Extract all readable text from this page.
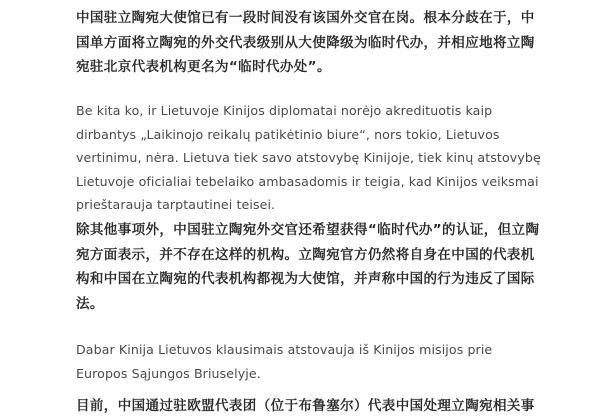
中国驻立陶宛大使馆已有一段时间没有该国外交官在岗。根本分歧在于，中
国单方面将立陶宛的外交代表级别从大使降级为临时代办，并相应地将立陶
宛驻北京代表机构更名为“临时代办处”。

Be kita ko, ir Lietuvoje Kinijos diplomatai norėjo akredituotis kaip
dirbantys „Laikinojo reikalų patikėtinio biure“, nors tokio, Lietuvos
vertinimu, nėra. Lietuva tiek savo atstovybę Kinijoje, tiek kinų atstovybę
Lietuvoje oficialiai tebelaiko ambasadomis ir teigia, kad Kinijos veiksmai
prieštarauja tarptautinei teisei.

除其他事项外，中国驻立陶宛外交官还希望获得“临时代办”的认证，但立陶
宛方面表示，并不存在这样的机构。立陶宛官方仍然将自身在中国的代表机
构和中国在立陶宛的代表机构都视为大使馆，并声称中国的行为违反了国际
法。

Dabar Kinija Lietuvos klausimais atstovauja iš Kinijos misijos prie
Europos Sąjungos Briuselyje.

目前，中国通过驻欧盟代表团（位于布鲁塞尔）代表中国处理立陶宛相关事
